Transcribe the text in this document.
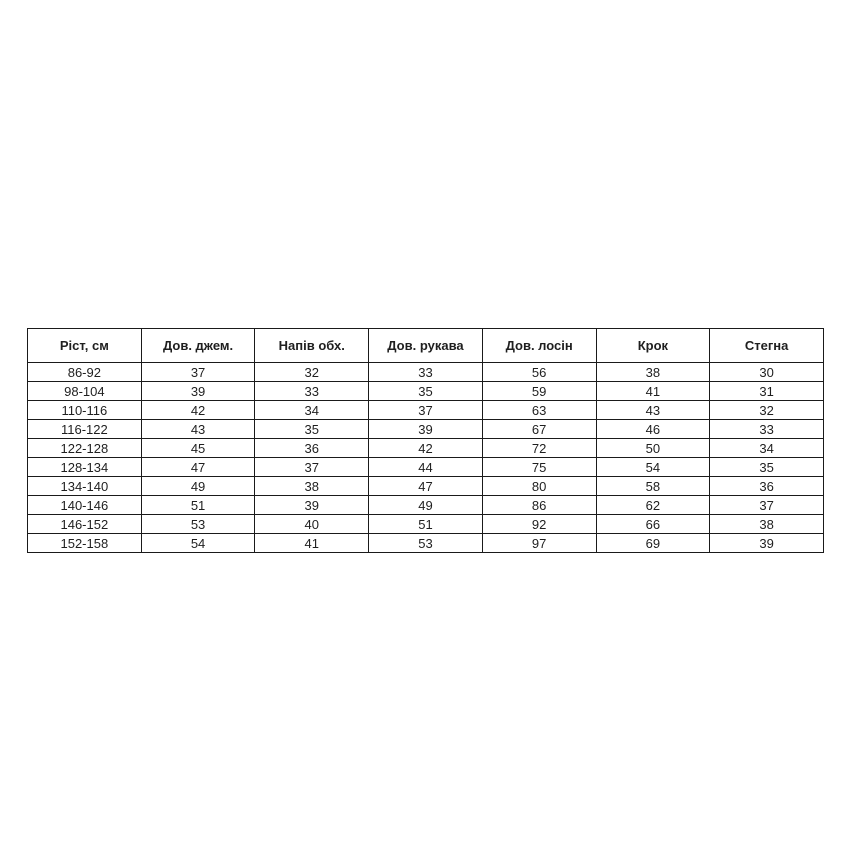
Ріст, см	Дов. джем.	Напів обх.	Дов. рукава	Дов. лосін	Крок	Стегна
86-92	37	32	33	56	38	30
98-104	39	33	35	59	41	31
110-116	42	34	37	63	43	32
116-122	43	35	39	67	46	33
122-128	45	36	42	72	50	34
128-134	47	37	44	75	54	35
134-140	49	38	47	80	58	36
140-146	51	39	49	86	62	37
146-152	53	40	51	92	66	38
152-158	54	41	53	97	69	39
